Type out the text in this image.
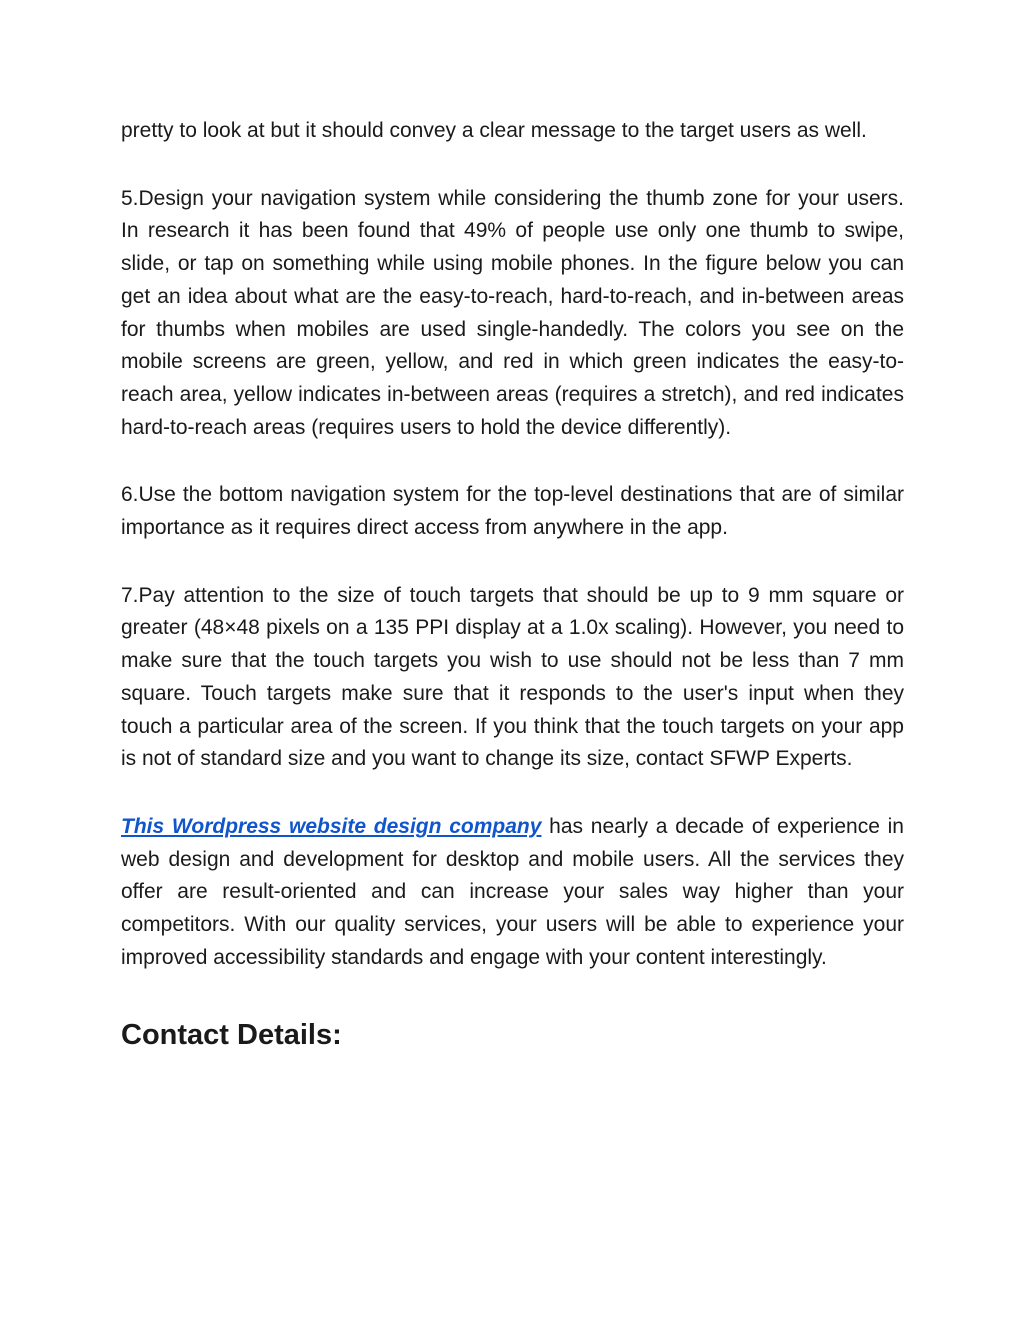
pretty to look at but it should convey a clear message to the target users as well.

5.Design your navigation system while considering the thumb zone for your users. In research it has been found that 49% of people use only one thumb to swipe, slide, or tap on something while using mobile phones. In the figure below you can get an idea about what are the easy-to-reach, hard-to-reach, and in-between areas for thumbs when mobiles are used single-handedly. The colors you see on the mobile screens are green, yellow, and red in which green indicates the easy-to-reach area, yellow indicates in-between areas (requires a stretch), and red indicates hard-to-reach areas (requires users to hold the device differently).

6.Use the bottom navigation system for the top-level destinations that are of similar importance as it requires direct access from anywhere in the app.

7.Pay attention to the size of touch targets that should be up to 9 mm square or greater (48×48 pixels on a 135 PPI display at a 1.0x scaling). However, you need to make sure that the touch targets you wish to use should not be less than 7 mm square. Touch targets make sure that it responds to the user's input when they touch a particular area of the screen. If you think that the touch targets on your app is not of standard size and you want to change its size, contact SFWP Experts.

This Wordpress website design company has nearly a decade of experience in web design and development for desktop and mobile users. All the services they offer are result-oriented and can increase your sales way higher than your competitors. With our quality services, your users will be able to experience your improved accessibility standards and engage with your content interestingly.

Contact Details:
